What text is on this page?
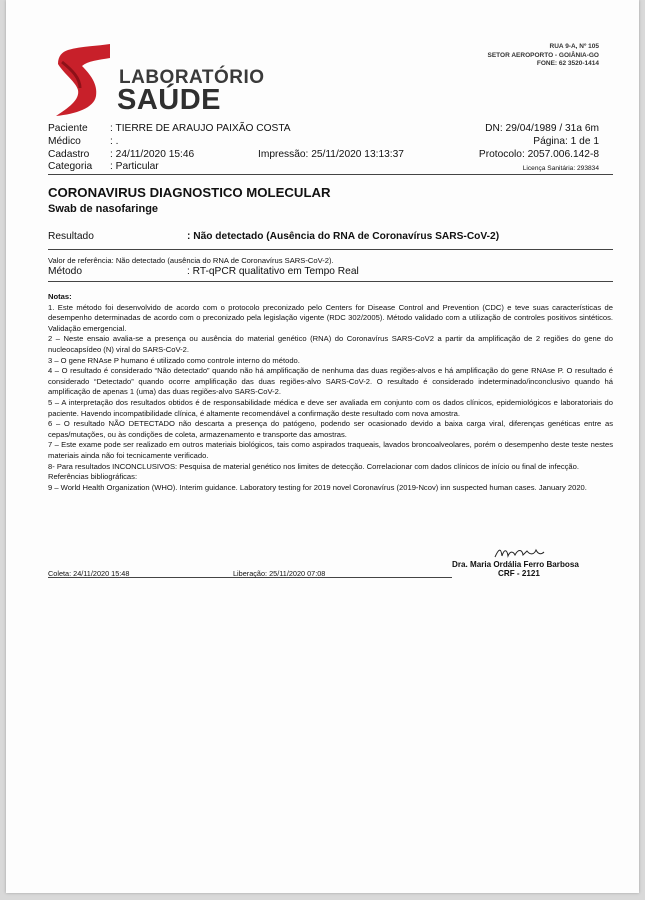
LABORATÓRIO
SAÚDE
RUA 9-A, Nº 105
SETOR AEROPORTO - GOIÂNIA-GO
FONE: 62 3520-1414
Paciente : TIERRE DE ARAUJO PAIXÃO COSTA	DN: 29/04/1989 / 31a 6m
Médico	: .	Página: 1 de 1
Cadastro : 24/11/2020 15:46	Impressão: 25/11/2020 13:13:37	Protocolo: 2057.006.142-8
Categoria : Particular	Licença Sanitária: 293834
CORONAVIRUS DIAGNOSTICO MOLECULAR
Swab de nasofaringe
Resultado	: Não detectado (Ausência do RNA de Coronavírus SARS-CoV-2)
Valor de referência: Não detectado (ausência do RNA de Coronavírus SARS-CoV-2).
Método	: RT-qPCR qualitativo em Tempo Real

Notas:

1. Este método foi desenvolvido de acordo com o protocolo preconizado pelo Centers for Disease Control and Prevention (CDC) e teve suas características de desempenho determinadas de acordo com o preconizado pela legislação vigente (RDC 302/2005). Método validado com a utilização de controles positivos sintéticos. Validação emergencial.

2 – Neste ensaio avalia-se a presença ou ausência do material genético (RNA) do Coronavírus SARS-CoV2 a partir da amplificação de 2 regiões do gene do nucleocapsídeo (N) viral do SARS-CoV-2.

3 – O gene RNAse P humano é utilizado como controle interno do método.

4 – O resultado é considerado “Não detectado” quando não há amplificação de nenhuma das duas regiões-alvos e há amplificação do gene RNAse P. O resultado é considerado “Detectado” quando ocorre amplificação das duas regiões-alvo SARS-CoV-2. O resultado é considerado indeterminado/inconclusivo quando há amplificação de apenas 1 (uma) das duas regiões-alvo SARS-CoV-2.

5 – A interpretação dos resultados obtidos é de responsabilidade médica e deve ser avaliada em conjunto com os dados clínicos, epidemiológicos e laboratoriais do paciente. Havendo incompatibilidade clínica, é altamente recomendável a confirmação deste resultado com nova amostra.

6 – O resultado NÃO DETECTADO não descarta a presença do patógeno, podendo ser ocasionado devido a baixa carga viral, diferenças genéticas entre as cepas/mutações, ou às condições de coleta, armazenamento e transporte das amostras.

7 – Este exame pode ser realizado em outros materiais biológicos, tais como aspirados traqueais, lavados broncoalveolares, porém o desempenho deste teste nestes materiais ainda não foi tecnicamente verificado.

8- Para resultados INCONCLUSIVOS: Pesquisa de material genético nos limites de detecção. Correlacionar com dados clínicos de início ou final de infecção.

Referências bibliográficas:

9 – World Health Organization (WHO). Interim guidance. Laboratory testing for 2019 novel Coronavírus (2019-Ncov) inn suspected human cases. January 2020.

Coleta: 24/11/2020 15:48	Liberação: 25/11/2020 07:08
Dra. Maria Ordália Ferro Barbosa
CRF - 2121
